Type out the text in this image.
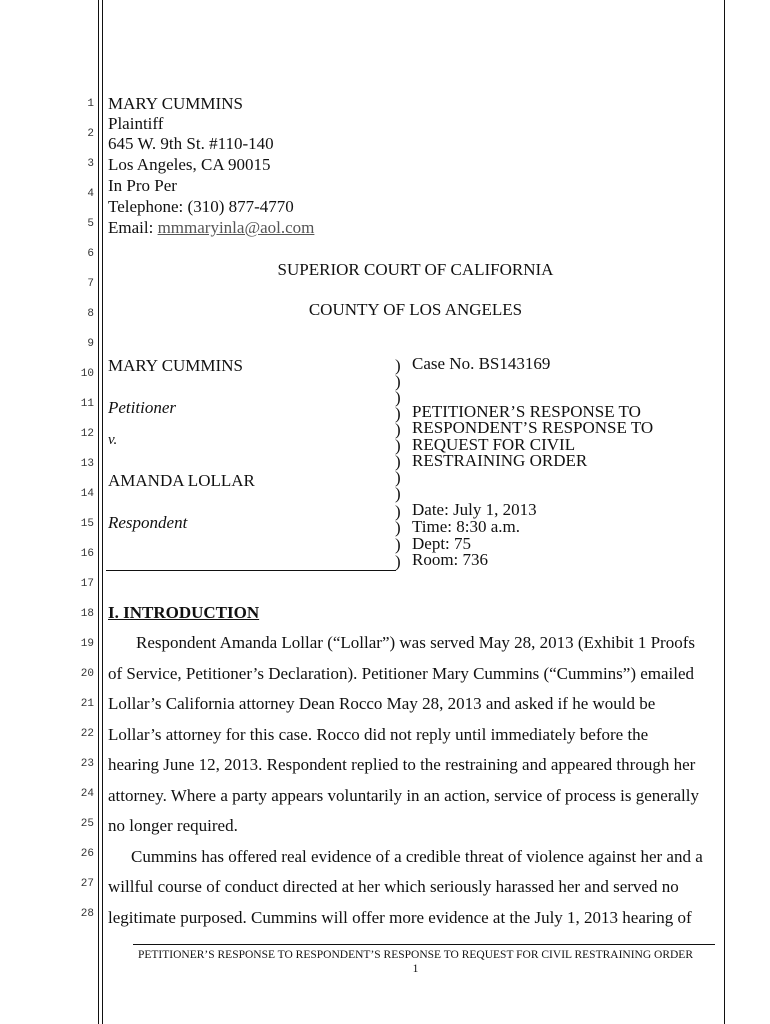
1
2
3
4
5
6
7
8
9
10
11
12
13
14
15
16
17
18
19
20
21
22
23
24
25
26
27
28
MARY CUMMINS
Plaintiff
645 W. 9th St. #110-140
Los Angeles, CA 90015
In Pro Per
Telephone: (310) 877-4770
Email: mmmaryinla@aol.com
SUPERIOR COURT OF CALIFORNIA
COUNTY OF LOS ANGELES
MARY CUMMINS
Petitioner
v.
AMANDA LOLLAR
Respondent
)
)
)
)
)
)
)
)
)
)
)
)
)
Case No. BS143169
PETITIONER’S RESPONSE TO
RESPONDENT’S RESPONSE TO
REQUEST FOR CIVIL
RESTRAINING ORDER
Date: July 1, 2013
Time: 8:30 a.m.
Dept: 75
Room: 736
I. INTRODUCTION
Respondent Amanda Lollar (“Lollar”) was served May 28, 2013 (Exhibit 1 Proofs
of Service, Petitioner’s Declaration). Petitioner Mary Cummins (“Cummins”) emailed
Lollar’s California attorney Dean Rocco May 28, 2013 and asked if he would be
Lollar’s attorney for this case. Rocco did not reply until immediately before the
hearing June 12, 2013. Respondent replied to the restraining and appeared through her
attorney. Where a party appears voluntarily in an action, service of process is generally
no longer required.
Cummins has offered real evidence of a credible threat of violence against her and a
willful course of conduct directed at her which seriously harassed her and served no
legitimate purposed. Cummins will offer more evidence at the July 1, 2013 hearing of
PETITIONER’S RESPONSE TO RESPONDENT’S RESPONSE TO REQUEST FOR CIVIL RESTRAINING ORDER
1
